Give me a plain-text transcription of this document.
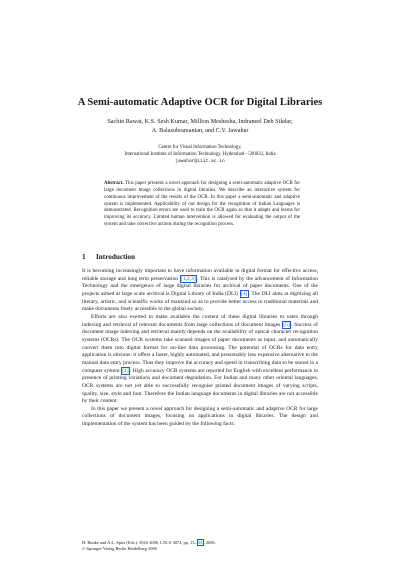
A Semi-automatic Adaptive OCR for Digital Libraries
Sachin Rawat, K.S. Sesh Kumar, Million Meshesha, Indraneel Deb Sikdar,
A. Balasubramanian, and C.V. Jawahar
Centre for Visual Information Technology,
International Institute of Information Technology, Hyderabad - 500032, India
jawahar@iiit.ac.in
Abstract. This paper presents a novel approach for designing a semi-automatic adaptive OCR for large document image collections in digital libraries. We describe an interactive system for continuous improvement of the results of the OCR. In this paper a semi-automatic and adaptive system is implemented. Applicability of our design for the recognition of Indian Languages is demonstrated. Recognition errors are used to train the OCR again so that it adapts and learns for improving its accuracy. Limited human intervention is allowed for evaluating the output of the system and take corrective actions during the recognition process.
1 Introduction

It is becoming increasingly important to have information available in digital format for effective access, reliable storage and long term preservation [1,2,3]. This is catalysed by the advancement of Information Technology and the emergence of large digital libraries for archival of paper documents. One of the projects aimed at large scale archival is Digital Library of India (DLI) [4]. The DLI aims at digitizing all literary, artistic, and scientific works of mankind so as to provide better access to traditional materials and make documents freely accessible to the global society.

Efforts are also exerted to make available the content of these digital libraries to users through indexing and retrieval of relevant documents from large collections of document images [5]. Success of document image indexing and retrieval mainly depends on the availability of optical character recognition systems (OCRs). The OCR systems take scanned images of paper documents as input, and automatically convert them into digital format for on-line data processing. The potential of OCRs for data entry application is obvious: it offers a faster, highly automated, and presumably less expensive alternative to the manual data entry process. Thus they improve the accuracy and speed in transcribing data to be stored in a computer system [1]. High accuracy OCR systems are reported for English with excellent performance in presence of printing variations and document degradation. For Indian and many other oriental languages, OCR systems are not yet able to successfully recognise printed document images of varying scripts, quality, size, style and font. Therefore the Indian language documents in digital libraries are not accessible by their content.

In this paper we present a novel approach for designing a semi-automatic and adaptive OCR for large collections of document images, focusing on applications in digital libraries. The design and implementation of the system has been guided by the following facts:

H. Bunke and A.L. Spitz (Eds.): DAS 2006, LNCS 3872, pp. 13–24, 2006.
© Springer-Verlag Berlin Heidelberg 2006
